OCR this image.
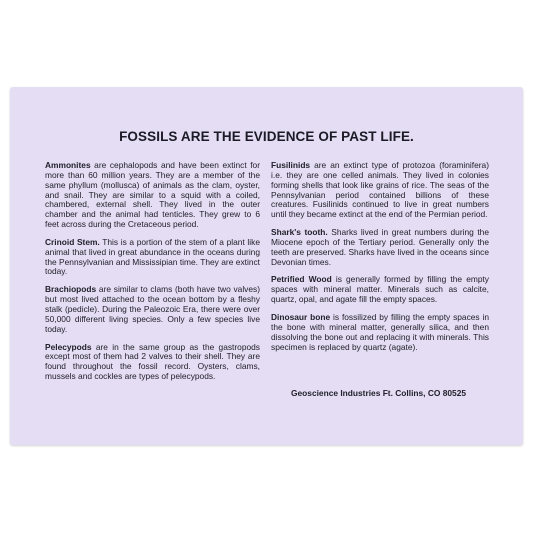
FOSSILS ARE THE EVIDENCE OF PAST LIFE.

Ammonites are cephalopods and have been extinct for more than 60 million years. They are a member of the same phyllum (mollusca) of animals as the clam, oyster, and snail. They are similar to a squid with a coiled, chambered, external shell. They lived in the outer chamber and the animal had tenticles. They grew to 6 feet across during the Cretaceous period.

Crinoid Stem. This is a portion of the stem of a plant like animal that lived in great abundance in the oceans during the Pennsylvanian and Mississipian time. They are extinct today.

Brachiopods are similar to clams (both have two valves) but most lived attached to the ocean bottom by a fleshy stalk (pedicle). During the Paleozoic Era, there were over 50,000 different living species. Only a few species live today.

Pelecypods are in the same group as the gastropods except most of them had 2 valves to their shell. They are found throughout the fossil record. Oysters, clams, mussels and cockles are types of pelecypods.

Fusilinids are an extinct type of protozoa (foraminifera) i.e. they are one celled animals. They lived in colonies forming shells that look like grains of rice. The seas of the Pennsylvanian period contained billions of these creatures. Fusilinids continued to live in great numbers until they became extinct at the end of the Permian period.

Shark's tooth. Sharks lived in great numbers during the Miocene epoch of the Tertiary period. Generally only the teeth are preserved. Sharks have lived in the oceans since Devonian times.

Petrified Wood is generally formed by filling the empty spaces with mineral matter. Minerals such as calcite, quartz, opal, and agate fill the empty spaces.

Dinosaur bone is fossilized by filling the empty spaces in the bone with mineral matter, generally silica, and then dissolving the bone out and replacing it with minerals. This specimen is replaced by quartz (agate).

Geoscience Industries Ft. Collins, CO 80525
